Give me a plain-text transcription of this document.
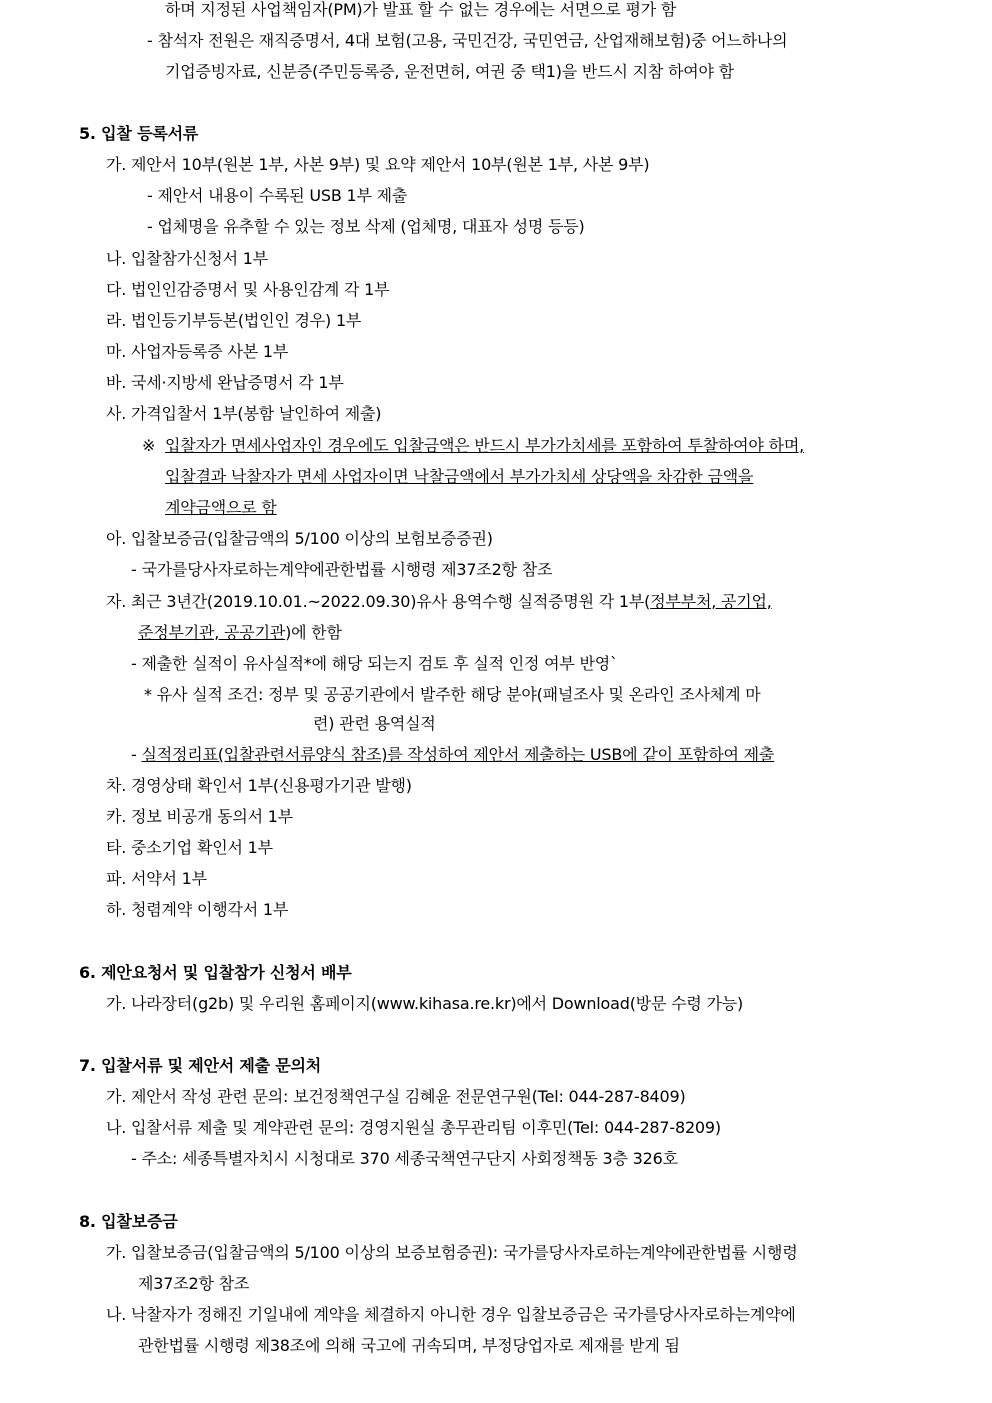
하며 지정된 사업책임자(PM)가 발표 할 수 없는 경우에는 서면으로 평가 함
- 참석자 전원은 재직증명서, 4대 보험(고용, 국민건강, 국민연금, 산업재해보험)중 어느하나의
기업증빙자료, 신분증(주민등록증, 운전면허, 여권 중 택1)을 반드시 지참 하여야 함
5. 입찰 등록서류
가. 제안서 10부(원본 1부, 사본 9부) 및 요약 제안서 10부(원본 1부, 사본 9부)
- 제안서 내용이 수록된 USB 1부 제출
- 업체명을 유추할 수 있는 정보 삭제 (업체명, 대표자 성명 등등)
나. 입찰참가신청서 1부
다. 법인인감증명서 및 사용인감계 각 1부
라. 법인등기부등본(법인인 경우) 1부
마. 사업자등록증 사본 1부
바. 국세·지방세 완납증명서 각 1부
사. 가격입찰서 1부(봉함 날인하여 제출)
※ 입찰자가 면세사업자인 경우에도 입찰금액은 반드시 부가가치세를 포함하여 투찰하여야 하며,
입찰결과 낙찰자가 면세 사업자이면 낙찰금액에서 부가가치세 상당액을 차감한 금액을
계약금액으로 함
아. 입찰보증금(입찰금액의 5/100 이상의 보험보증증권)
- 국가를당사자로하는계약에관한법률 시행령 제37조2항 참조
자. 최근 3년간(2019.10.01.~2022.09.30)유사 용역수행 실적증명원 각 1부(정부부처, 공기업,
준정부기관, 공공기관)에 한함
- 제출한 실적이 유사실적*에 해당 되는지 검토 후 실적 인정 여부 반영`
* 유사 실적 조건: 정부 및 공공기관에서 발주한 해당 분야(패널조사 및 온라인 조사체계 마
련) 관련 용역실적
- 실적정리표(입찰관련서류양식 참조)를 작성하여 제안서 제출하는 USB에 같이 포함하여 제출
차. 경영상태 확인서 1부(신용평가기관 발행)
카. 정보 비공개 동의서 1부
타. 중소기업 확인서 1부
파. 서약서 1부
하. 청렴계약 이행각서 1부
6. 제안요청서 및 입찰참가 신청서 배부
가. 나라장터(g2b) 및 우리원 홈페이지(www.kihasa.re.kr)에서 Download(방문 수령 가능)
7. 입찰서류 및 제안서 제출 문의처
가. 제안서 작성 관련 문의: 보건정책연구실 김혜윤 전문연구원(Tel: 044-287-8409)
나. 입찰서류 제출 및 계약관련 문의: 경영지원실 총무관리팀 이후민(Tel: 044-287-8209)
- 주소: 세종특별자치시 시청대로 370 세종국책연구단지 사회정책동 3층 326호
8. 입찰보증금
가. 입찰보증금(입찰금액의 5/100 이상의 보증보험증권): 국가를당사자로하는계약에관한법률 시행령
제37조2항 참조
나. 낙찰자가 정해진 기일내에 계약을 체결하지 아니한 경우 입찰보증금은 국가를당사자로하는계약에
관한법률 시행령 제38조에 의해 국고에 귀속되며, 부정당업자로 제재를 받게 됨
